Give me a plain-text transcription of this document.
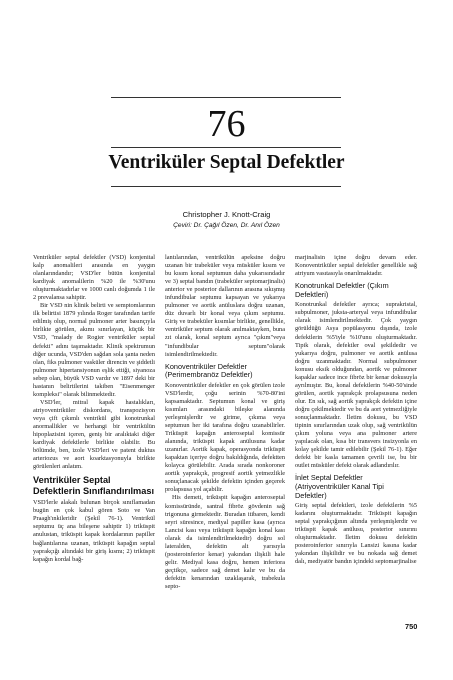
76
Ventriküler Septal Defektler
Christopher J. Knott-Craig
Çeviri: Dr. Çağıl Özen, Dr. Anıl Özen

Ventriküler septal defektler (VSD) konjenital kalp anomalileri arasında en yaygın olanlarındandır; VSD'ler bütün konjenital kardiyak anomalilerin %20 ile %30'unu oluşturmaktadırlar ve 1000 canlı doğumda 1 ile 2 prevalansa sahiptir.

Bir VSD nin klinik belirti ve semptomlarının ilk belirtisi 1879 yılında Roger tarafından tarife edilmiş olup, normal pulmoner arter basınçıyla birlikte görülen, akımı sınırlayan, küçük bir VSD, "malady de Rogier ventriküler septal defekti" adını taşımaktadır. Klinik spektrumun diğer ucunda, VSD'den sağdan sola şanta neden olan, fiks pulmoner vasküler direncin ve şiddetli pulmoner hipertansiyonun eşlik ettiği, siyanoza sebep olan, büyük VSD vardır ve 1897 deki bir hastanın belirtilerini takiben "Eisenmenger kompleksi" olarak bilinmektedir.

VSD'ler, mitral kapak hastalıkları, atriyoventriküler diskordans, transpozisyon veya çift çıkımlı ventrikül gibi konotrunkal anormallikler ve herhangi bir ventrikülün hipoplazisini içeren, geniş bir aralıktaki diğer kardiyak defektlerle birlikte olabilir. Bu bölümde, ben, izole VSD'leri ve patent duktus arteriozus ve aort koarktasyonuyla birlikte görülenleri anlatım.

Ventriküler Septal Defektlerin Sınıflandırılması

VSD'lerle alakalı bulunan birçok sınıflamadan bugün en çok kabul gören Soto ve Van Praagh'ınkileridir (Şekil 76-1). Ventrikül septumu üç ana bileşene sahiptir 1) triküspit anulustan, triküspit kapak kordalarının papiller bağlantılarına uzanan, triküspit kapağın septal yaprakçığı altındaki bir giriş kısmı; 2) triküspit kapağın kordal bağ-

lantılarından, ventrikülün apeksine doğru uzanan bir trabeküler veya müsküler kısım ve bu kısım konal septumun daha yukarısındadır ve 3) septal bandın (trabeküler septomarjinalis) anterior ve posterior dallarının arasına sıkışmış infundibular septumu kapsayan ve yukarıya pulmoner ve aortik anüluslara doğru uzanan, düz duvarlı bir konal veya çıkım septumu. Giriş ve trabeküler kısımlar birlikte, genellikle, ventriküler septum olarak anılmaktayken, buna zıt olarak, konal septum ayrıca "çıkım"veya "infundibular septum"olarak isimlendirilmektedir.

Konoventriküler Defektler (Perimembranöz Defektler)

Konoventriküler defektler en çok görülen izole VSD'lerdir, çoğu serinin %70-80'ini kapsamaktadır. Septumun konal ve giriş kısımları arasındaki bileşke alanında yerleşmişlerdir ve girime, çıkıma veya septumun her iki tarafına doğru uzanabilirler. Triküspit kapağın anteroseptal komissür alanında, triküspit kapak anülusuna kadar uzanırlar. Aortik kapak, operasyonda triküspit kapaktan içeriye doğru bakıldığında, defektten kolayca görülebilir. Arada sırada nonkoroner aortik yaprakçık, progresif aortik yetmezlikle sonuçlanacak şekilde defektin içinden geçerek prolapsusa yol açabilir.

His demeti, triküspit kapağın anteroseptal komissüründe, santral fibröz gövdenin sağ trigonuna girmektedir. Buradan itibaren, kendi seyri süresince, mediyal papiller kasa (ayrıca Lancisi kası veya triküspit kapağın konal kası olarak da isimlendirilmektedir) doğru sol lateralden, defektin alt yarısıyla (posteroinferior kenar) yakından ilişkili hale gelir. Mediyal kasa doğru, hemen inferiora geçtikçe, sadece sağ demet kalır ve bu da defektin kenarından uzaklaşarak, trabekula septo-

marjinalisin içine doğru devam eder. Konoventriküler septal defektler genellikle sağ atriyum vasıtasıyla onarılmaktadır.

Konotrunkal Defektler (Çıkım Defektleri)

Konotrunkal defektler ayrıca; suprakristal, subpulmoner, jukstа-arteryal veya infundibular olarak isimlendirilmektedir. Çok yaygın görüldüğü Asya popülasyonu dışında, izole defektlerin %5'iyle %10'unu oluşturmaktadır. Tipik olarak, defektler oval şekildedir ve yukarıya doğru, pulmoner ve aortik anülusa doğru uzanmaktadır. Normal subpulmoner konusu eksik olduğundan, aortik ve pulmoner kapaklar sadece ince fibröz bir kenar dokusuyla ayrılmıştır. Bu, konal defektlerin %40-50'sinde görülen, aortik yaprakçık prolapsusuna neden olur. En sık, sağ aortik yaprakçık defektin içine doğru çekilmektedir ve bu da aort yetmezliğiyle sonuçlanmaktadır. İletim dokusu, bu VSD tipinin sınırlarından uzak olup, sağ ventrikülün çıkım yoluna veya ana pulmoner artere yapılacak olan, kısa bir transvers insizyonla en kolay şekilde tamir edilebilir (Şekil 76-1). Eğer defekt bir kasla tamamen çevrili ise, bu bir outlet müsküler defekt olarak adlandırılır.

İnlet Septal Defektler (Atriyoventriküler Kanal Tipi Defektler)

Giriş septal defektleri, izole defektlerin %5 kadarını oluşturmaktadır. Triküspit kapağın septal yaprakçığının altında yerleşmişlerdir ve triküspit kapak anülusu, posterior sınırını oluşturmaktadır. İletim dokusu defektin posteroinferior sınırıyla Lansizi kasına kadar yakından ilişkilidir ve bu nokada sağ demet dalı, mediyatör bandın içindeki septomarjinalise

750
